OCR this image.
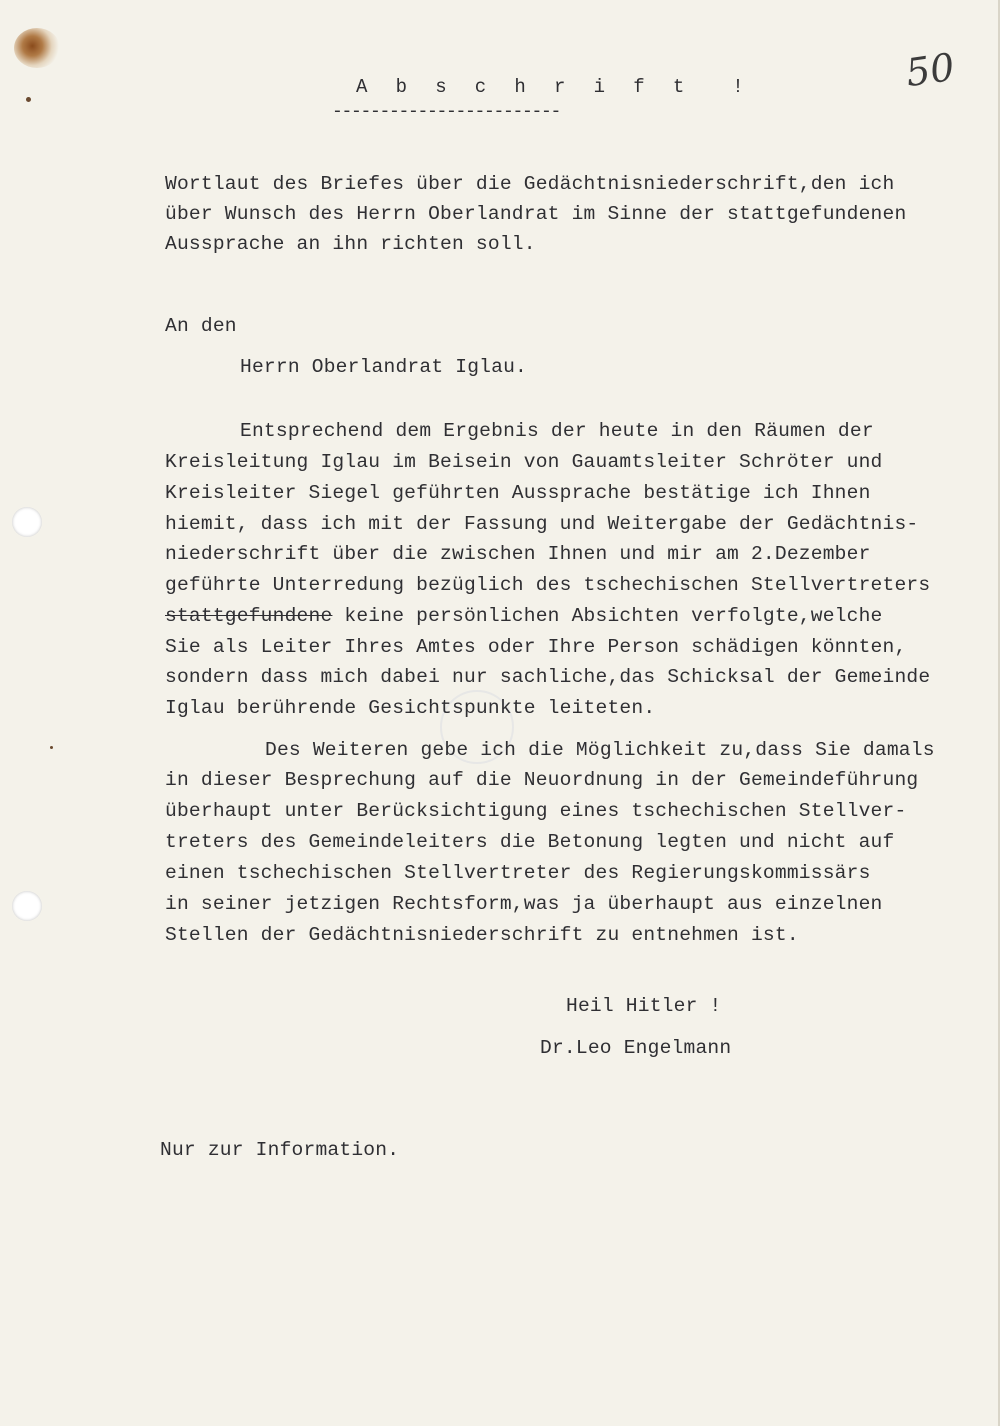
50
A b s c h r i f t  !
------------------------
Wortlaut des Briefes über die Gedächtnisniederschrift,den ich
über Wunsch des Herrn Oberlandrat im Sinne der stattgefundenen
Aussprache an ihn richten soll.
An den
Herrn Oberlandrat Iglau.
Entsprechend dem Ergebnis der heute in den Räumen der
Kreisleitung Iglau im Beisein von Gauamtsleiter Schröter und
Kreisleiter Siegel geführten Aussprache bestätige ich Ihnen
hiemit, dass ich mit der Fassung und Weitergabe der Gedächtnis-
niederschrift über die zwischen Ihnen und mir am 2.Dezember
geführte Unterredung bezüglich des tschechischen Stellvertreters
stattgefundene keine persönlichen Absichten verfolgte,welche
Sie als Leiter Ihres Amtes oder Ihre Person schädigen könnten,
sondern dass mich dabei nur sachliche,das Schicksal der Gemeinde
Iglau berührende Gesichtspunkte leiteten.
Des Weiteren gebe ich die Möglichkeit zu,dass Sie damals
in dieser Besprechung auf die Neuordnung in der Gemeindeführung
überhaupt unter Berücksichtigung eines tschechischen Stellver-
treters des Gemeindeleiters die Betonung legten und nicht auf
einen tschechischen Stellvertreter des Regierungskommissärs
in seiner jetzigen Rechtsform,was ja überhaupt aus einzelnen
Stellen der Gedächtnisniederschrift zu entnehmen ist.
Heil Hitler !
Dr.Leo Engelmann
Nur zur Information.
